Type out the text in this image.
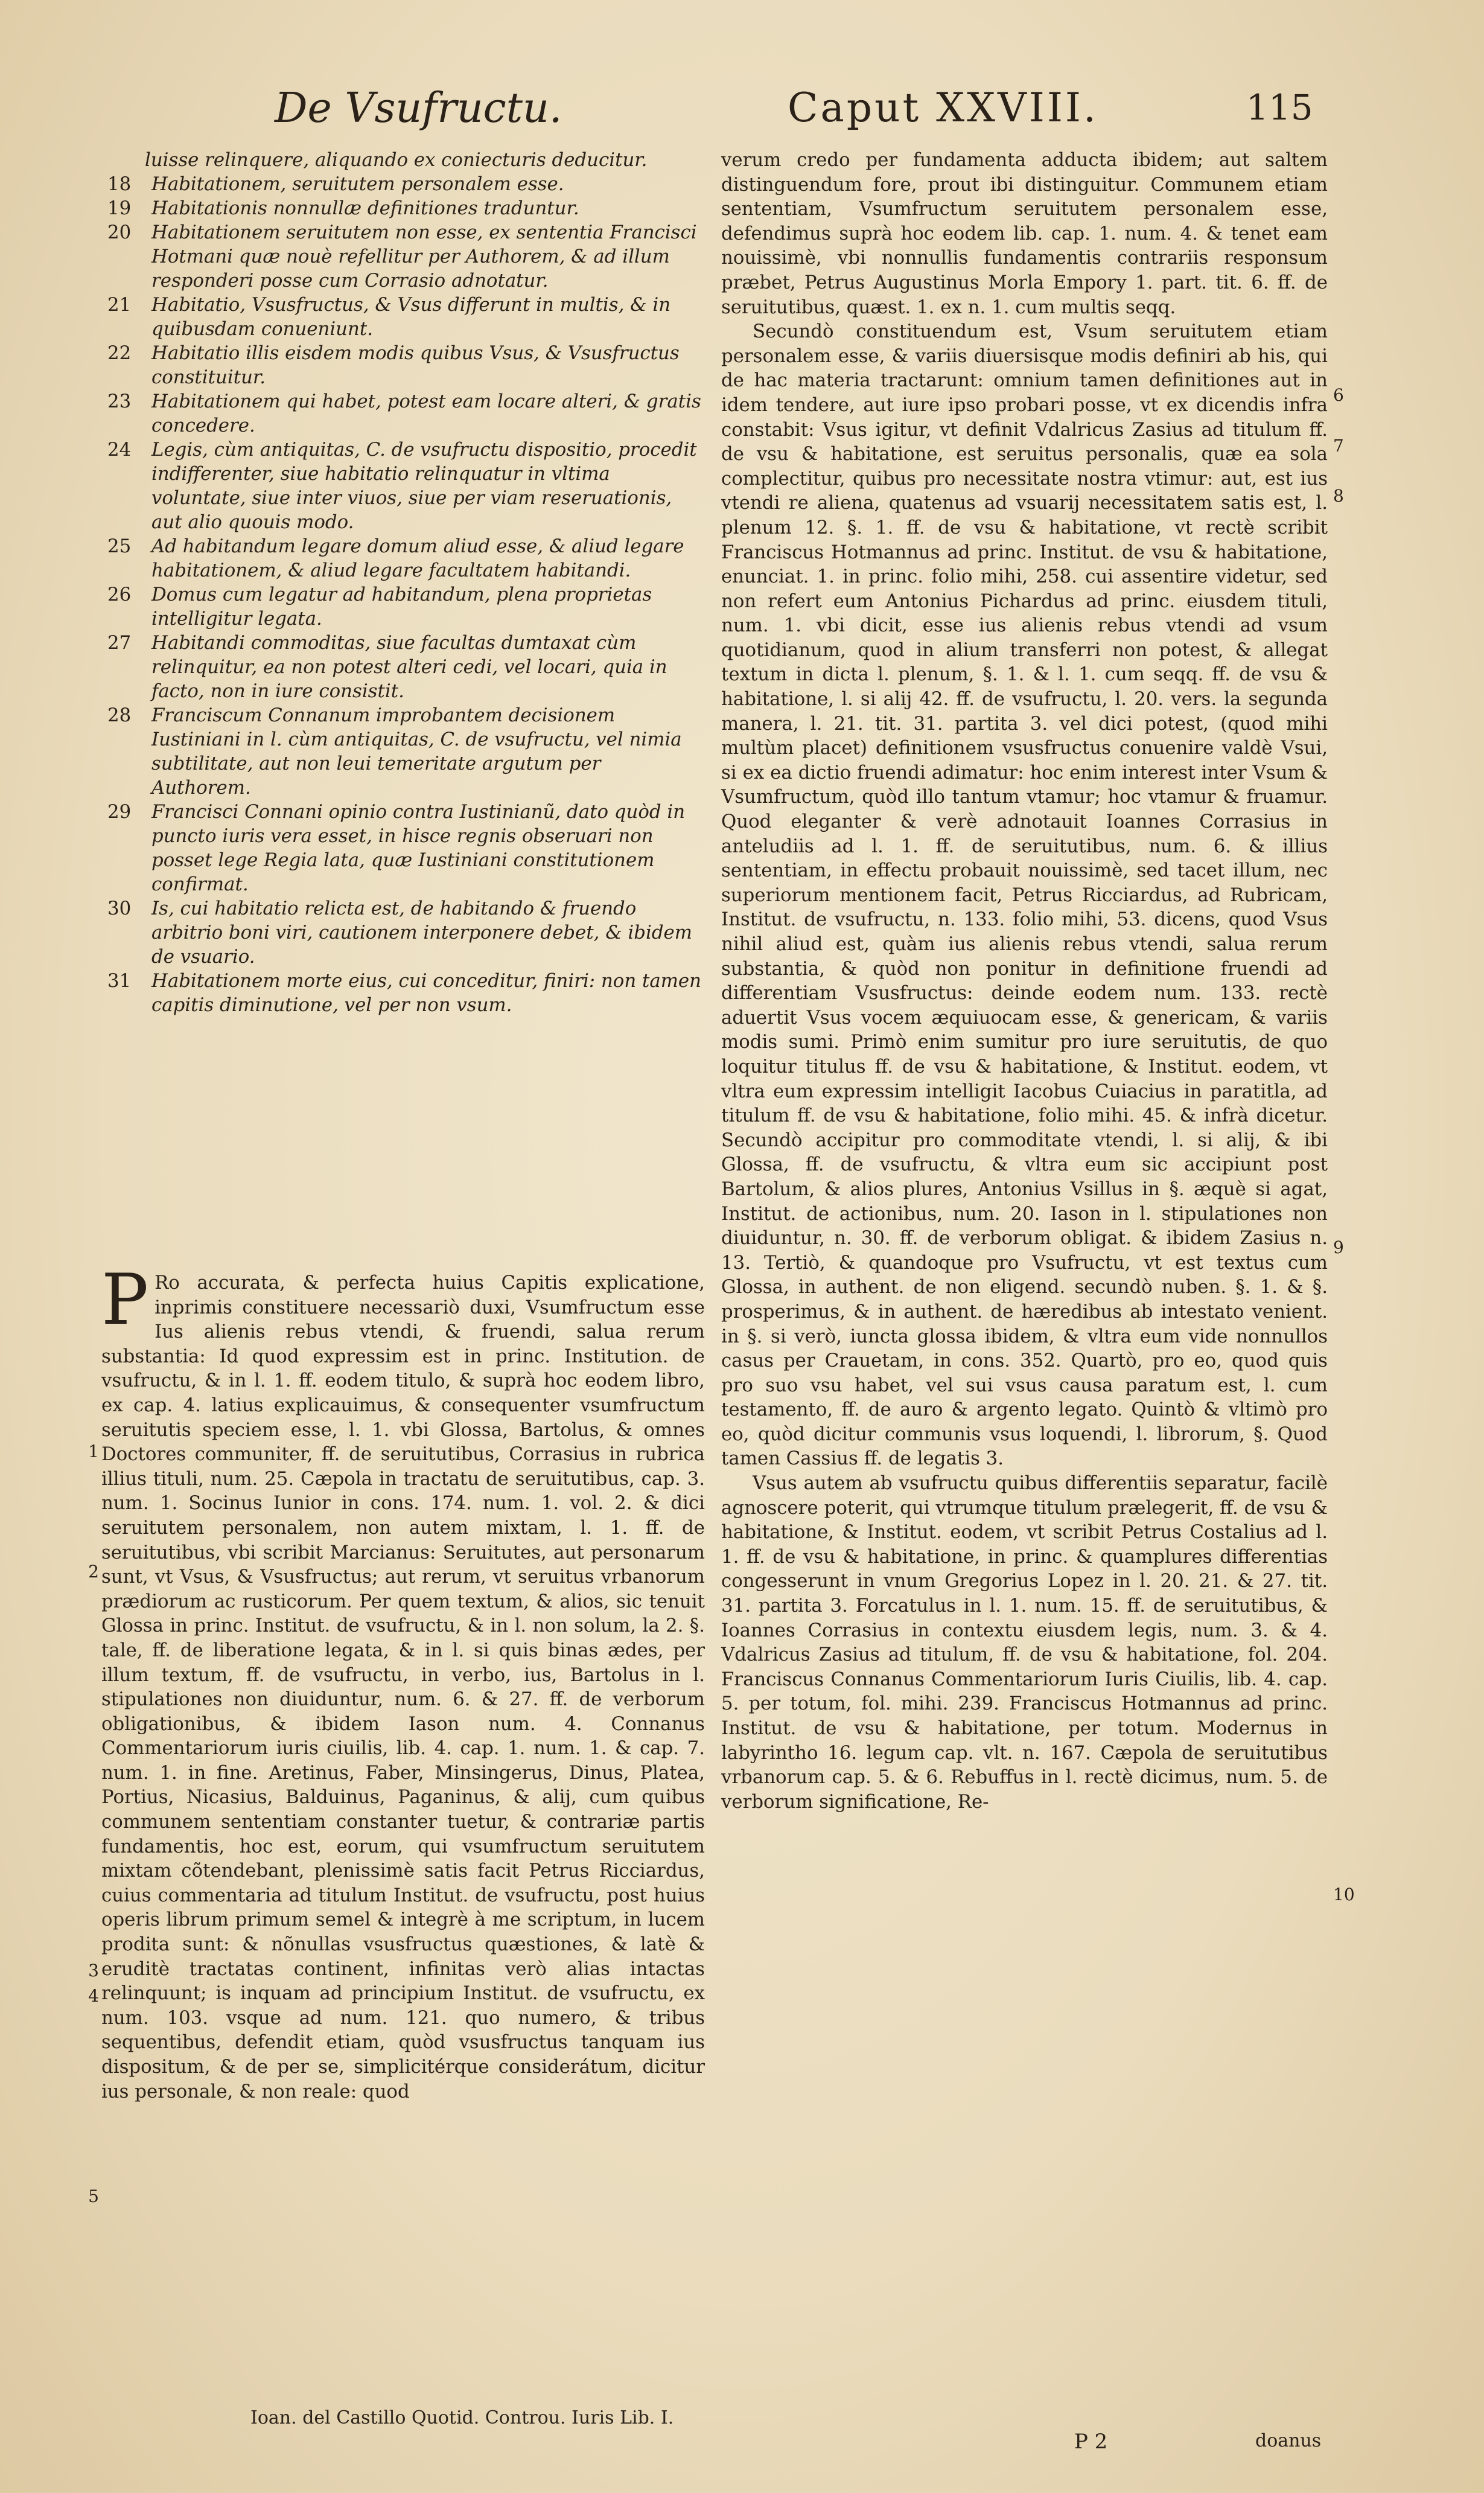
De Vsufructu.	Caput XXVIII.	115
luisse relinquere, aliquando ex coniecturis deducitur.
18	Habitationem, seruitutem personalem esse.
19	Habitationis nonnullæ definitiones traduntur.
20	Habitationem seruitutem non esse, ex sententia Francisci Hotmani quæ nouè refellitur per Authorem, & ad illum responderi posse cum Corrasio adnotatur.
21	Habitatio, Vsusfructus, & Vsus differunt in multis, & in quibusdam conueniunt.
22	Habitatio illis eisdem modis quibus Vsus, & Vsusfructus constituitur.
23	Habitationem qui habet, potest eam locare alteri, & gratis concedere.
24	Legis, cùm antiquitas, C. de vsufructu dispositio, procedit indifferenter, siue habitatio relinquatur in vltima voluntate, siue inter viuos, siue per viam reseruationis, aut alio quouis modo.
25	Ad habitandum legare domum aliud esse, & aliud legare habitationem, & aliud legare facultatem habitandi.
26	Domus cum legatur ad habitandum, plena proprietas intelligitur legata.
27	Habitandi commoditas, siue facultas dumtaxat cùm relinquitur, ea non potest alteri cedi, vel locari, quia in facto, non in iure consistit.
28	Franciscum Connanum improbantem decisionem Iustiniani in l. cùm antiquitas, C. de vsufructu, vel nimia subtilitate, aut non leui temeritate argutum per Authorem.
29	Francisci Connani opinio contra Iustinianũ, dato quòd in puncto iuris vera esset, in hisce regnis obseruari non posset lege Regia lata, quæ Iustiniani constitutionem confirmat.
30	Is, cui habitatio relicta est, de habitando & fruendo arbitrio boni viri, cautionem interponere debet, & ibidem de vsuario.
31	Habitationem morte eius, cui conceditur, finiri: non tamen capitis diminutione, vel per non vsum.

P Ro accurata, & perfecta huius Capitis explicatione, inprimis constituere necessariò duxi, Vsumfructum esse Ius alienis rebus vtendi, & fruendi, salua rerum substantia: Id quod expressim est in princ. Institution. de vsufructu, & in l. 1. ff. eodem titulo, & suprà hoc eodem libro, ex cap. 4. latius explicauimus, & consequenter vsumfructum seruitutis speciem esse, l. 1. vbi Glossa, Bartolus, & omnes Doctores communiter, ff. de seruitutibus, Corrasius in rubrica illius tituli, num. 25. Cæpola in tractatu de seruitutibus, cap. 3. num. 1. Socinus Iunior in cons. 174. num. 1. vol. 2. & dici seruitutem personalem, non autem mixtam, l. 1. ff. de seruitutibus, vbi scribit Marcianus: Seruitutes, aut personarum sunt, vt Vsus, & Vsusfructus; aut rerum, vt seruitus vrbanorum prædiorum ac rusticorum. Per quem textum, & alios, sic tenuit Glossa in princ. Institut. de vsufructu, & in l. non solum, la 2. §. tale, ff. de liberatione legata, & in l. si quis binas ædes, per illum textum, ff. de vsufructu, in verbo, ius, Bartolus in l. stipulationes non diuiduntur, num. 6. & 27. ff. de verborum obligationibus, & ibidem Iason num. 4. Connanus Commentariorum iuris ciuilis, lib. 4. cap. 1. num. 1. & cap. 7. num. 1. in fine. Aretinus, Faber, Minsingerus, Dinus, Platea, Portius, Nicasius, Balduinus, Paganinus, & alij, cum quibus communem sententiam constanter tuetur, & contrariæ partis fundamentis, hoc est, eorum, qui vsumfructum seruitutem mixtam cõtendebant, plenissimè satis facit Petrus Ricciardus, cuius commentaria ad titulum Institut. de vsufructu, post huius operis librum primum semel & integrè à me scriptum, in lucem prodita sunt: & nõnullas vsusfructus quæstiones, & latè & eruditè tractatas continent, infinitas verò alias intactas relinquunt; is inquam ad principium Institut. de vsufructu, ex num. 103. vsque ad num. 121. quo numero, & tribus sequentibus, defendit etiam, quòd vsusfructus tanquam ius dispositum, & de per se, simplicitérque considerátum, dicitur ius personale, & non reale: quod

1
2
3
4
5

verum credo per fundamenta adducta ibidem; aut saltem distinguendum fore, prout ibi distinguitur. Communem etiam sententiam, Vsumfructum seruitutem personalem esse, defendimus suprà hoc eodem lib. cap. 1. num. 4. & tenet eam nouissimè, vbi nonnullis fundamentis contrariis responsum præbet, Petrus Augustinus Morla Empory 1. part. tit. 6. ff. de seruitutibus, quæst. 1. ex n. 1. cum multis seqq.

Secundò constituendum est, Vsum seruitutem etiam personalem esse, & variis diuersisque modis definiri ab his, qui de hac materia tractarunt: omnium tamen definitiones aut in idem tendere, aut iure ipso probari posse, vt ex dicendis infra constabit: Vsus igitur, vt definit Vdalricus Zasius ad titulum ff. de vsu & habitatione, est seruitus personalis, quæ ea sola complectitur, quibus pro necessitate nostra vtimur: aut, est ius vtendi re aliena, quatenus ad vsuarij necessitatem satis est, l. plenum 12. §. 1. ff. de vsu & habitatione, vt rectè scribit Franciscus Hotmannus ad princ. Institut. de vsu & habitatione, enunciat. 1. in princ. folio mihi, 258. cui assentire videtur, sed non refert eum Antonius Pichardus ad princ. eiusdem tituli, num. 1. vbi dicit, esse ius alienis rebus vtendi ad vsum quotidianum, quod in alium transferri non potest, & allegat textum in dicta l. plenum, §. 1. & l. 1. cum seqq. ff. de vsu & habitatione, l. si alij 42. ff. de vsufructu, l. 20. vers. la segunda manera, l. 21. tit. 31. partita 3. vel dici potest, (quod mihi multùm placet) definitionem vsusfructus conuenire valdè Vsui, si ex ea dictio fruendi adimatur: hoc enim interest inter Vsum & Vsumfructum, quòd illo tantum vtamur; hoc vtamur & fruamur. Quod eleganter & verè adnotauit Ioannes Corrasius in anteludiis ad l. 1. ff. de seruitutibus, num. 6. & illius sententiam, in effectu probauit nouissimè, sed tacet illum, nec superiorum mentionem facit, Petrus Ricciardus, ad Rubricam, Institut. de vsufructu, n. 133. folio mihi, 53. dicens, quod Vsus nihil aliud est, quàm ius alienis rebus vtendi, salua rerum substantia, & quòd non ponitur in definitione fruendi ad differentiam Vsusfructus: deinde eodem num. 133. rectè aduertit Vsus vocem æquiuocam esse, & genericam, & variis modis sumi. Primò enim sumitur pro iure seruitutis, de quo loquitur titulus ff. de vsu & habitatione, & Institut. eodem, vt vltra eum expressim intelligit Iacobus Cuiacius in paratitla, ad titulum ff. de vsu & habitatione, folio mihi. 45. & infrà dicetur. Secundò accipitur pro commoditate vtendi, l. si alij, & ibi Glossa, ff. de vsufructu, & vltra eum sic accipiunt post Bartolum, & alios plures, Antonius Vsillus in §. æquè si agat, Institut. de actionibus, num. 20. Iason in l. stipulationes non diuiduntur, n. 30. ff. de verborum obligat. & ibidem Zasius n. 13. Tertiò, & quandoque pro Vsufructu, vt est textus cum Glossa, in authent. de non eligend. secundò nuben. §. 1. & §. prosperimus, & in authent. de hæredibus ab intestato venient. in §. si verò, iuncta glossa ibidem, & vltra eum vide nonnullos casus per Crauetam, in cons. 352. Quartò, pro eo, quod quis pro suo vsu habet, vel sui vsus causa paratum est, l. cum testamento, ff. de auro & argento legato. Quintò & vltimò pro eo, quòd dicitur communis vsus loquendi, l. librorum, §. Quod tamen Cassius ff. de legatis 3.

Vsus autem ab vsufructu quibus differentiis separatur, facilè agnoscere poterit, qui vtrumque titulum prælegerit, ff. de vsu & habitatione, & Institut. eodem, vt scribit Petrus Costalius ad l. 1. ff. de vsu & habitatione, in princ. & quamplures differentias congesserunt in vnum Gregorius Lopez in l. 20. 21. & 27. tit. 31. partita 3. Forcatulus in l. 1. num. 15. ff. de seruitutibus, & Ioannes Corrasius in contextu eiusdem legis, num. 3. & 4. Vdalricus Zasius ad titulum, ff. de vsu & habitatione, fol. 204. Franciscus Connanus Commentariorum Iuris Ciuilis, lib. 4. cap. 5. per totum, fol. mihi. 239. Franciscus Hotmannus ad princ. Institut. de vsu & habitatione, per totum. Modernus in labyrintho 16. legum cap. vlt. n. 167. Cæpola de seruitutibus vrbanorum cap. 5. & 6. Rebuffus in l. rectè dicimus, num. 5. de verborum significatione, Re-

6
7
8
9
10
Ioan. del Castillo Quotid. Controu. Iuris Lib. I.
P 2	doanus
